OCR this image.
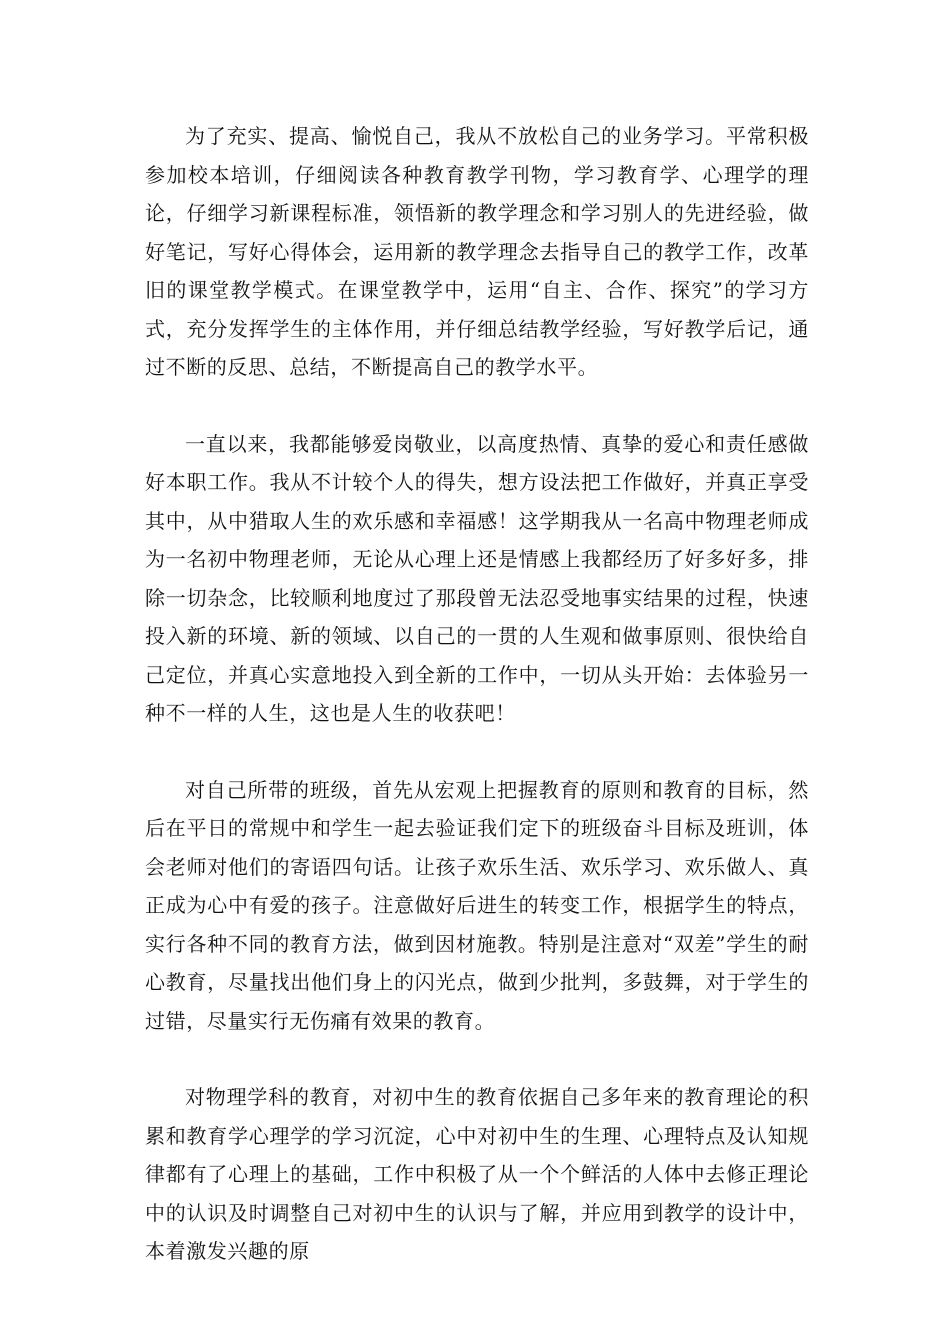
为了充实、提高、愉悦自己，我从不放松自己的业务学习。平常积极参加校本培训，仔细阅读各种教育教学刊物，学习教育学、心理学的理论，仔细学习新课程标准，领悟新的教学理念和学习别人的先进经验，做好笔记，写好心得体会，运用新的教学理念去指导自己的教学工作，改革旧的课堂教学模式。在课堂教学中，运用“自主、合作、探究”的学习方式，充分发挥学生的主体作用，并仔细总结教学经验，写好教学后记，通过不断的反思、总结，不断提高自己的教学水平。

一直以来，我都能够爱岗敬业，以高度热情、真挚的爱心和责任感做好本职工作。我从不计较个人的得失，想方设法把工作做好，并真正享受其中，从中猎取人生的欢乐感和幸福感！这学期我从一名高中物理老师成为一名初中物理老师，无论从心理上还是情感上我都经历了好多好多，排除一切杂念，比较顺利地度过了那段曾无法忍受地事实结果的过程，快速投入新的环境、新的领域、以自己的一贯的人生观和做事原则、很快给自己定位，并真心实意地投入到全新的工作中，一切从头开始：去体验另一种不一样的人生，这也是人生的收获吧！

对自己所带的班级，首先从宏观上把握教育的原则和教育的目标，然后在平日的常规中和学生一起去验证我们定下的班级奋斗目标及班训，体会老师对他们的寄语四句话。让孩子欢乐生活、欢乐学习、欢乐做人、真正成为心中有爱的孩子。注意做好后进生的转变工作，根据学生的特点，实行各种不同的教育方法，做到因材施教。特别是注意对“双差”学生的耐心教育，尽量找出他们身上的闪光点，做到少批判，多鼓舞，对于学生的过错，尽量实行无伤痛有效果的教育。

对物理学科的教育，对初中生的教育依据自己多年来的教育理论的积累和教育学心理学的学习沉淀，心中对初中生的生理、心理特点及认知规律都有了心理上的基础，工作中积极了从一个个鲜活的人体中去修正理论中的认识及时调整自己对初中生的认识与了解，并应用到教学的设计中，本着激发兴趣的原
